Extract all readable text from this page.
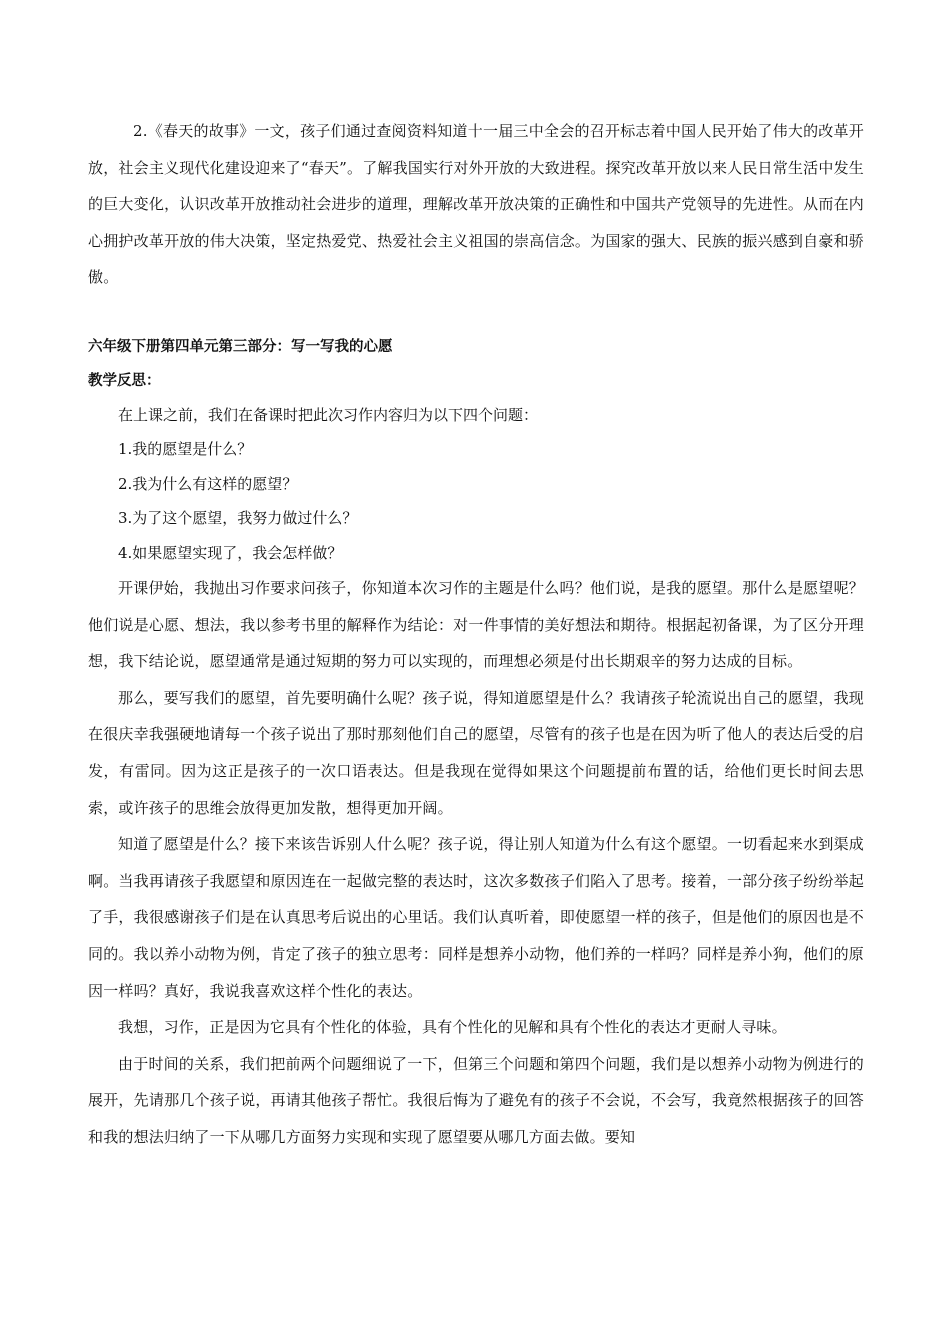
2.《春天的故事》一文，孩子们通过查阅资料知道十一届三中全会的召开标志着中国人民开始了伟大的改革开放，社会主义现代化建设迎来了“春天”。了解我国实行对外开放的大致进程。探究改革开放以来人民日常生活中发生的巨大变化，认识改革开放推动社会进步的道理，理解改革开放决策的正确性和中国共产党领导的先进性。从而在内心拥护改革开放的伟大决策，坚定热爱党、热爱社会主义祖国的崇高信念。为国家的强大、民族的振兴感到自豪和骄傲。

六年级下册第四单元第三部分：写一写我的心愿

教学反思：

在上课之前，我们在备课时把此次习作内容归为以下四个问题：

1.我的愿望是什么？

2.我为什么有这样的愿望？

3.为了这个愿望，我努力做过什么？

4.如果愿望实现了，我会怎样做？

开课伊始，我抛出习作要求问孩子，你知道本次习作的主题是什么吗？他们说，是我的愿望。那什么是愿望呢？他们说是心愿、想法，我以参考书里的解释作为结论：对一件事情的美好想法和期待。根据起初备课，为了区分开理想，我下结论说，愿望通常是通过短期的努力可以实现的，而理想必须是付出长期艰辛的努力达成的目标。

那么，要写我们的愿望，首先要明确什么呢？孩子说，得知道愿望是什么？我请孩子轮流说出自己的愿望，我现在很庆幸我强硬地请每一个孩子说出了那时那刻他们自己的愿望，尽管有的孩子也是在因为听了他人的表达后受的启发，有雷同。因为这正是孩子的一次口语表达。但是我现在觉得如果这个问题提前布置的话，给他们更长时间去思索，或许孩子的思维会放得更加发散，想得更加开阔。

知道了愿望是什么？接下来该告诉别人什么呢？孩子说，得让别人知道为什么有这个愿望。一切看起来水到渠成啊。当我再请孩子我愿望和原因连在一起做完整的表达时，这次多数孩子们陷入了思考。接着，一部分孩子纷纷举起了手，我很感谢孩子们是在认真思考后说出的心里话。我们认真听着，即使愿望一样的孩子，但是他们的原因也是不同的。我以养小动物为例，肯定了孩子的独立思考：同样是想养小动物，他们养的一样吗？同样是养小狗，他们的原因一样吗？真好，我说我喜欢这样个性化的表达。

我想，习作，正是因为它具有个性化的体验，具有个性化的见解和具有个性化的表达才更耐人寻味。

由于时间的关系，我们把前两个问题细说了一下，但第三个问题和第四个问题，我们是以想养小动物为例进行的展开，先请那几个孩子说，再请其他孩子帮忙。我很后悔为了避免有的孩子不会说，不会写，我竟然根据孩子的回答和我的想法归纳了一下从哪几方面努力实现和实现了愿望要从哪几方面去做。要知
